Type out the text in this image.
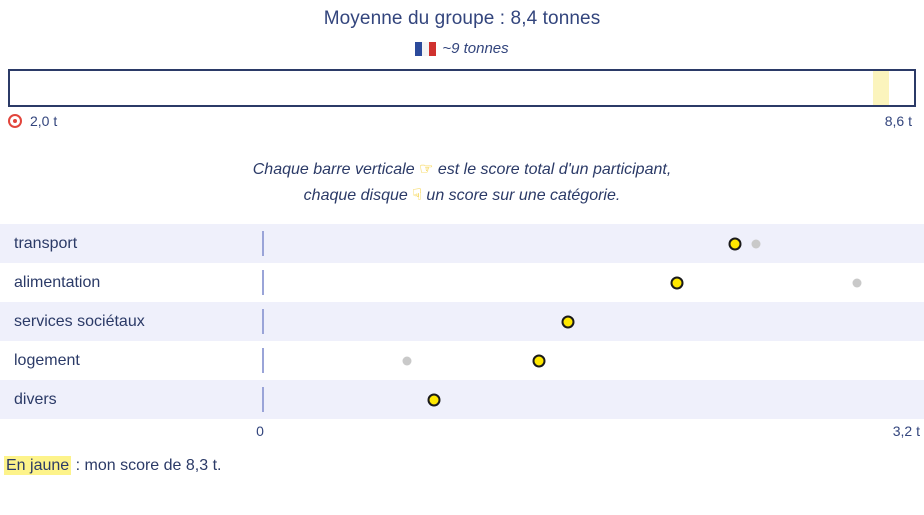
Moyenne du groupe : 8,4 tonnes
~9 tonnes
2,0 t	8,6 t
Chaque barre verticale ☞ est le score total d'un participant,
chaque disque ☟ un score sur une catégorie.
transport
alimentation
services sociétaux
logement
divers
0	3,2 t
En jaune : mon score de 8,3 t.
